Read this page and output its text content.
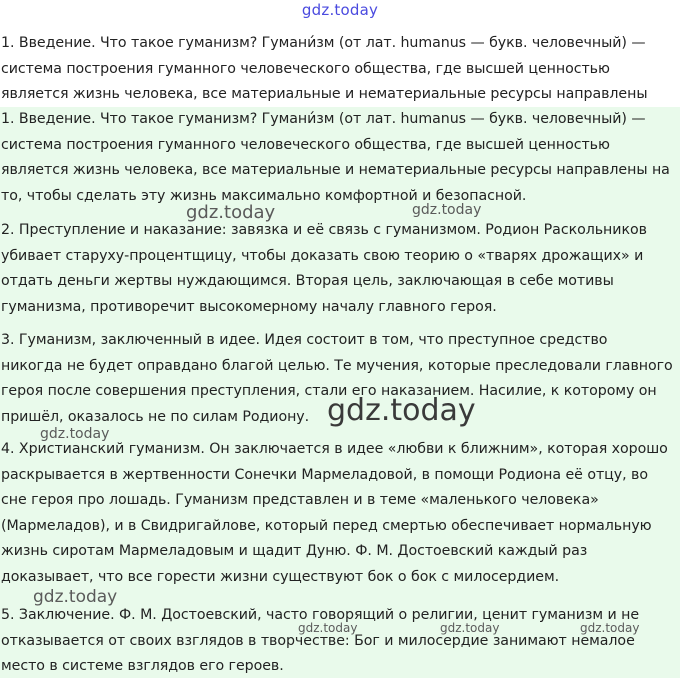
gdz.today

1. Введение. Что такое гуманизм? Гумани́зм (от лат. humanus — букв. человечный) — система построения гуманного человеческого общества, где высшей ценностью является жизнь человека, все материальные и нематериальные ресурсы направлены

1. Введение. Что такое гуманизм? Гумани́зм (от лат. humanus — букв. человечный) — система построения гуманного человеческого общества, где высшей ценностью является жизнь человека, все материальные и нематериальные ресурсы направлены на то, чтобы сделать эту жизнь максимально комфортной и безопасной.

2. Преступление и наказание: завязка и её связь с гуманизмом. Родион Раскольников убивает старуху-процентщицу, чтобы доказать свою теорию о «тварях дрожащих» и отдать деньги жертвы нуждающимся. Вторая цель, заключающая в себе мотивы гуманизма, противоречит высокомерному началу главного героя.

3. Гуманизм, заключенный в идее. Идея состоит в том, что преступное средство никогда не будет оправдано благой целью. Те мучения, которые преследовали главного героя после совершения преступления, стали его наказанием. Насилие, к которому он пришёл, оказалось не по силам Родиону.

4. Христианский гуманизм. Он заключается в идее «любви к ближним», которая хорошо раскрывается в жертвенности Сонечки Мармеладовой, в помощи Родиона её отцу, во сне героя про лошадь. Гуманизм представлен и в теме «маленького человека» (Мармеладов), и в Свидригайлове, который перед смертью обеспечивает нормальную жизнь сиротам Мармеладовым и щадит Дуню. Ф. М. Достоевский каждый раз доказывает, что все горести жизни существуют бок о бок с милосердием.

5. Заключение. Ф. М. Достоевский, часто говорящий о религии, ценит гуманизм и не отказывается от своих взглядов в творчестве: Бог и милосердие занимают немалое место в системе взглядов его героев.

gdz.today	gdz.today
gdz.today
gdz.today
gdz.today
gdz.today	gdz.today	gdz.today
